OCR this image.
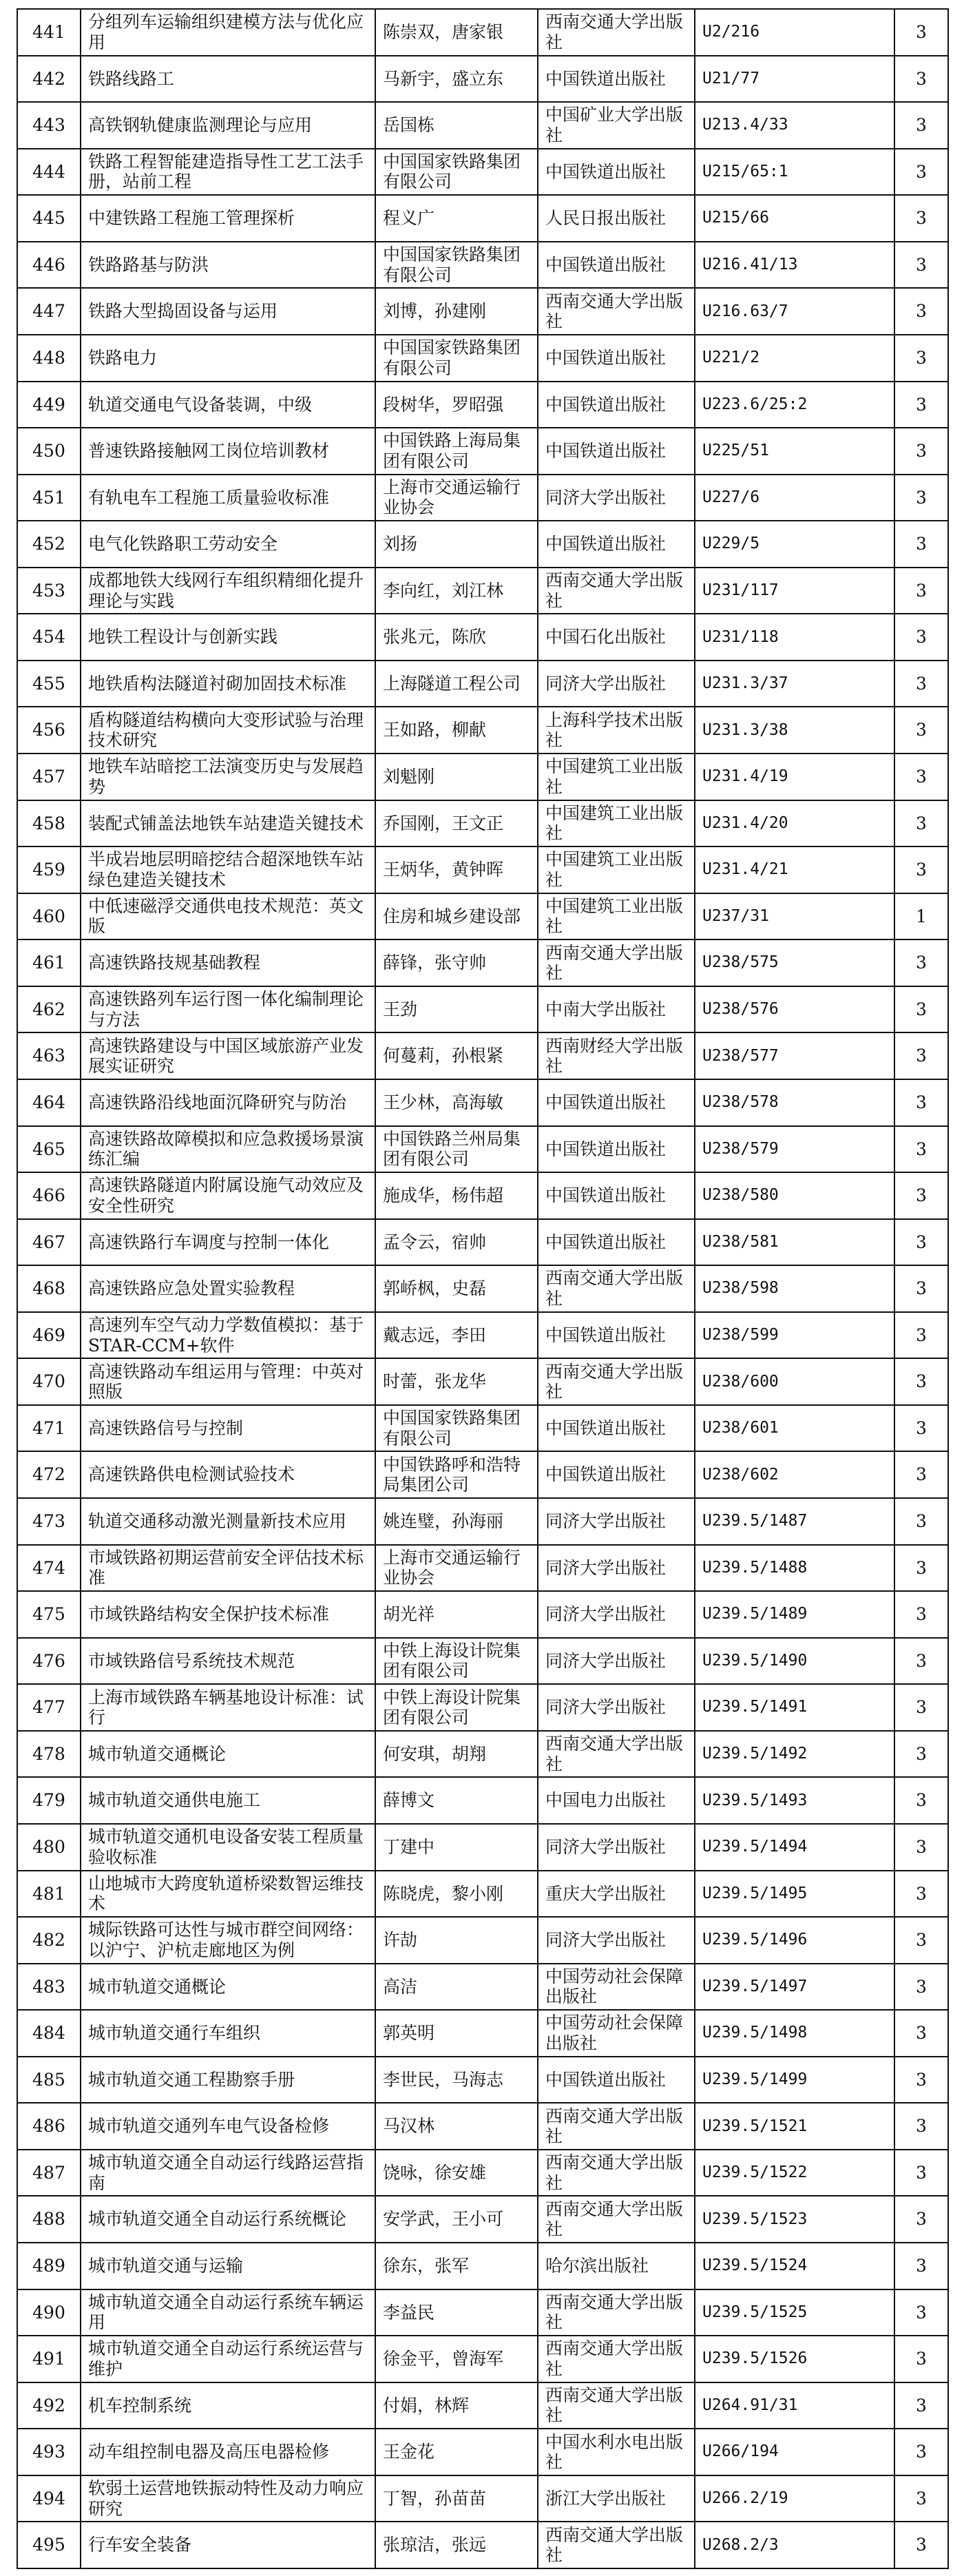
441	分组列车运输组织建模方法与优化应用	陈崇双，唐家银	西南交通大学出版社	U2/216	3
442	铁路线路工	马新宇，盛立东	中国铁道出版社	U21/77	3
443	高铁钢轨健康监测理论与应用	岳国栋	中国矿业大学出版社	U213.4/33	3
444	铁路工程智能建造指导性工艺工法手册，站前工程	中国国家铁路集团有限公司	中国铁道出版社	U215/65:1	3
445	中建铁路工程施工管理探析	程义广	人民日报出版社	U215/66	3
446	铁路路基与防洪	中国国家铁路集团有限公司	中国铁道出版社	U216.41/13	3
447	铁路大型捣固设备与运用	刘博，孙建刚	西南交通大学出版社	U216.63/7	3
448	铁路电力	中国国家铁路集团有限公司	中国铁道出版社	U221/2	3
449	轨道交通电气设备装调，中级	段树华，罗昭强	中国铁道出版社	U223.6/25:2	3
450	普速铁路接触网工岗位培训教材	中国铁路上海局集团有限公司	中国铁道出版社	U225/51	3
451	有轨电车工程施工质量验收标准	上海市交通运输行业协会	同济大学出版社	U227/6	3
452	电气化铁路职工劳动安全	刘扬	中国铁道出版社	U229/5	3
453	成都地铁大线网行车组织精细化提升理论与实践	李向红，刘江林	西南交通大学出版社	U231/117	3
454	地铁工程设计与创新实践	张兆元，陈欣	中国石化出版社	U231/118	3
455	地铁盾构法隧道衬砌加固技术标准	上海隧道工程公司	同济大学出版社	U231.3/37	3
456	盾构隧道结构横向大变形试验与治理技术研究	王如路，柳献	上海科学技术出版社	U231.3/38	3
457	地铁车站暗挖工法演变历史与发展趋势	刘魁刚	中国建筑工业出版社	U231.4/19	3
458	装配式铺盖法地铁车站建造关键技术	乔国刚，王文正	中国建筑工业出版社	U231.4/20	3
459	半成岩地层明暗挖结合超深地铁车站绿色建造关键技术	王炳华，黄钟晖	中国建筑工业出版社	U231.4/21	3
460	中低速磁浮交通供电技术规范：英文版	住房和城乡建设部	中国建筑工业出版社	U237/31	1
461	高速铁路技规基础教程	薛锋，张守帅	西南交通大学出版社	U238/575	3
462	高速铁路列车运行图一体化编制理论与方法	王劲	中南大学出版社	U238/576	3
463	高速铁路建设与中国区域旅游产业发展实证研究	何蔓莉，孙根紧	西南财经大学出版社	U238/577	3
464	高速铁路沿线地面沉降研究与防治	王少林，高海敏	中国铁道出版社	U238/578	3
465	高速铁路故障模拟和应急救援场景演练汇编	中国铁路兰州局集团有限公司	中国铁道出版社	U238/579	3
466	高速铁路隧道内附属设施气动效应及安全性研究	施成华，杨伟超	中国铁道出版社	U238/580	3
467	高速铁路行车调度与控制一体化	孟令云，宿帅	中国铁道出版社	U238/581	3
468	高速铁路应急处置实验教程	郭峤枫，史磊	西南交通大学出版社	U238/598	3
469	高速列车空气动力学数值模拟：基于STAR-CCM+软件	戴志远，李田	中国铁道出版社	U238/599	3
470	高速铁路动车组运用与管理：中英对照版	时蕾，张龙华	西南交通大学出版社	U238/600	3
471	高速铁路信号与控制	中国国家铁路集团有限公司	中国铁道出版社	U238/601	3
472	高速铁路供电检测试验技术	中国铁路呼和浩特局集团公司	中国铁道出版社	U238/602	3
473	轨道交通移动激光测量新技术应用	姚连璧，孙海丽	同济大学出版社	U239.5/1487	3
474	市域铁路初期运营前安全评估技术标准	上海市交通运输行业协会	同济大学出版社	U239.5/1488	3
475	市域铁路结构安全保护技术标准	胡光祥	同济大学出版社	U239.5/1489	3
476	市域铁路信号系统技术规范	中铁上海设计院集团有限公司	同济大学出版社	U239.5/1490	3
477	上海市域铁路车辆基地设计标准：试行	中铁上海设计院集团有限公司	同济大学出版社	U239.5/1491	3
478	城市轨道交通概论	何安琪，胡翔	西南交通大学出版社	U239.5/1492	3
479	城市轨道交通供电施工	薛博文	中国电力出版社	U239.5/1493	3
480	城市轨道交通机电设备安装工程质量验收标准	丁建中	同济大学出版社	U239.5/1494	3
481	山地城市大跨度轨道桥梁数智运维技术	陈晓虎，黎小刚	重庆大学出版社	U239.5/1495	3
482	城际铁路可达性与城市群空间网络：以沪宁、沪杭走廊地区为例	许劼	同济大学出版社	U239.5/1496	3
483	城市轨道交通概论	高洁	中国劳动社会保障出版社	U239.5/1497	3
484	城市轨道交通行车组织	郭英明	中国劳动社会保障出版社	U239.5/1498	3
485	城市轨道交通工程勘察手册	李世民，马海志	中国铁道出版社	U239.5/1499	3
486	城市轨道交通列车电气设备检修	马汉林	西南交通大学出版社	U239.5/1521	3
487	城市轨道交通全自动运行线路运营指南	饶咏，徐安雄	西南交通大学出版社	U239.5/1522	3
488	城市轨道交通全自动运行系统概论	安学武，王小可	西南交通大学出版社	U239.5/1523	3
489	城市轨道交通与运输	徐东，张军	哈尔滨出版社	U239.5/1524	3
490	城市轨道交通全自动运行系统车辆运用	李益民	西南交通大学出版社	U239.5/1525	3
491	城市轨道交通全自动运行系统运营与维护	徐金平，曾海军	西南交通大学出版社	U239.5/1526	3
492	机车控制系统	付娟，林辉	西南交通大学出版社	U264.91/31	3
493	动车组控制电器及高压电器检修	王金花	中国水利水电出版社	U266/194	3
494	软弱土运营地铁振动特性及动力响应研究	丁智，孙苗苗	浙江大学出版社	U266.2/19	3
495	行车安全装备	张琼洁，张远	西南交通大学出版社	U268.2/3	3
